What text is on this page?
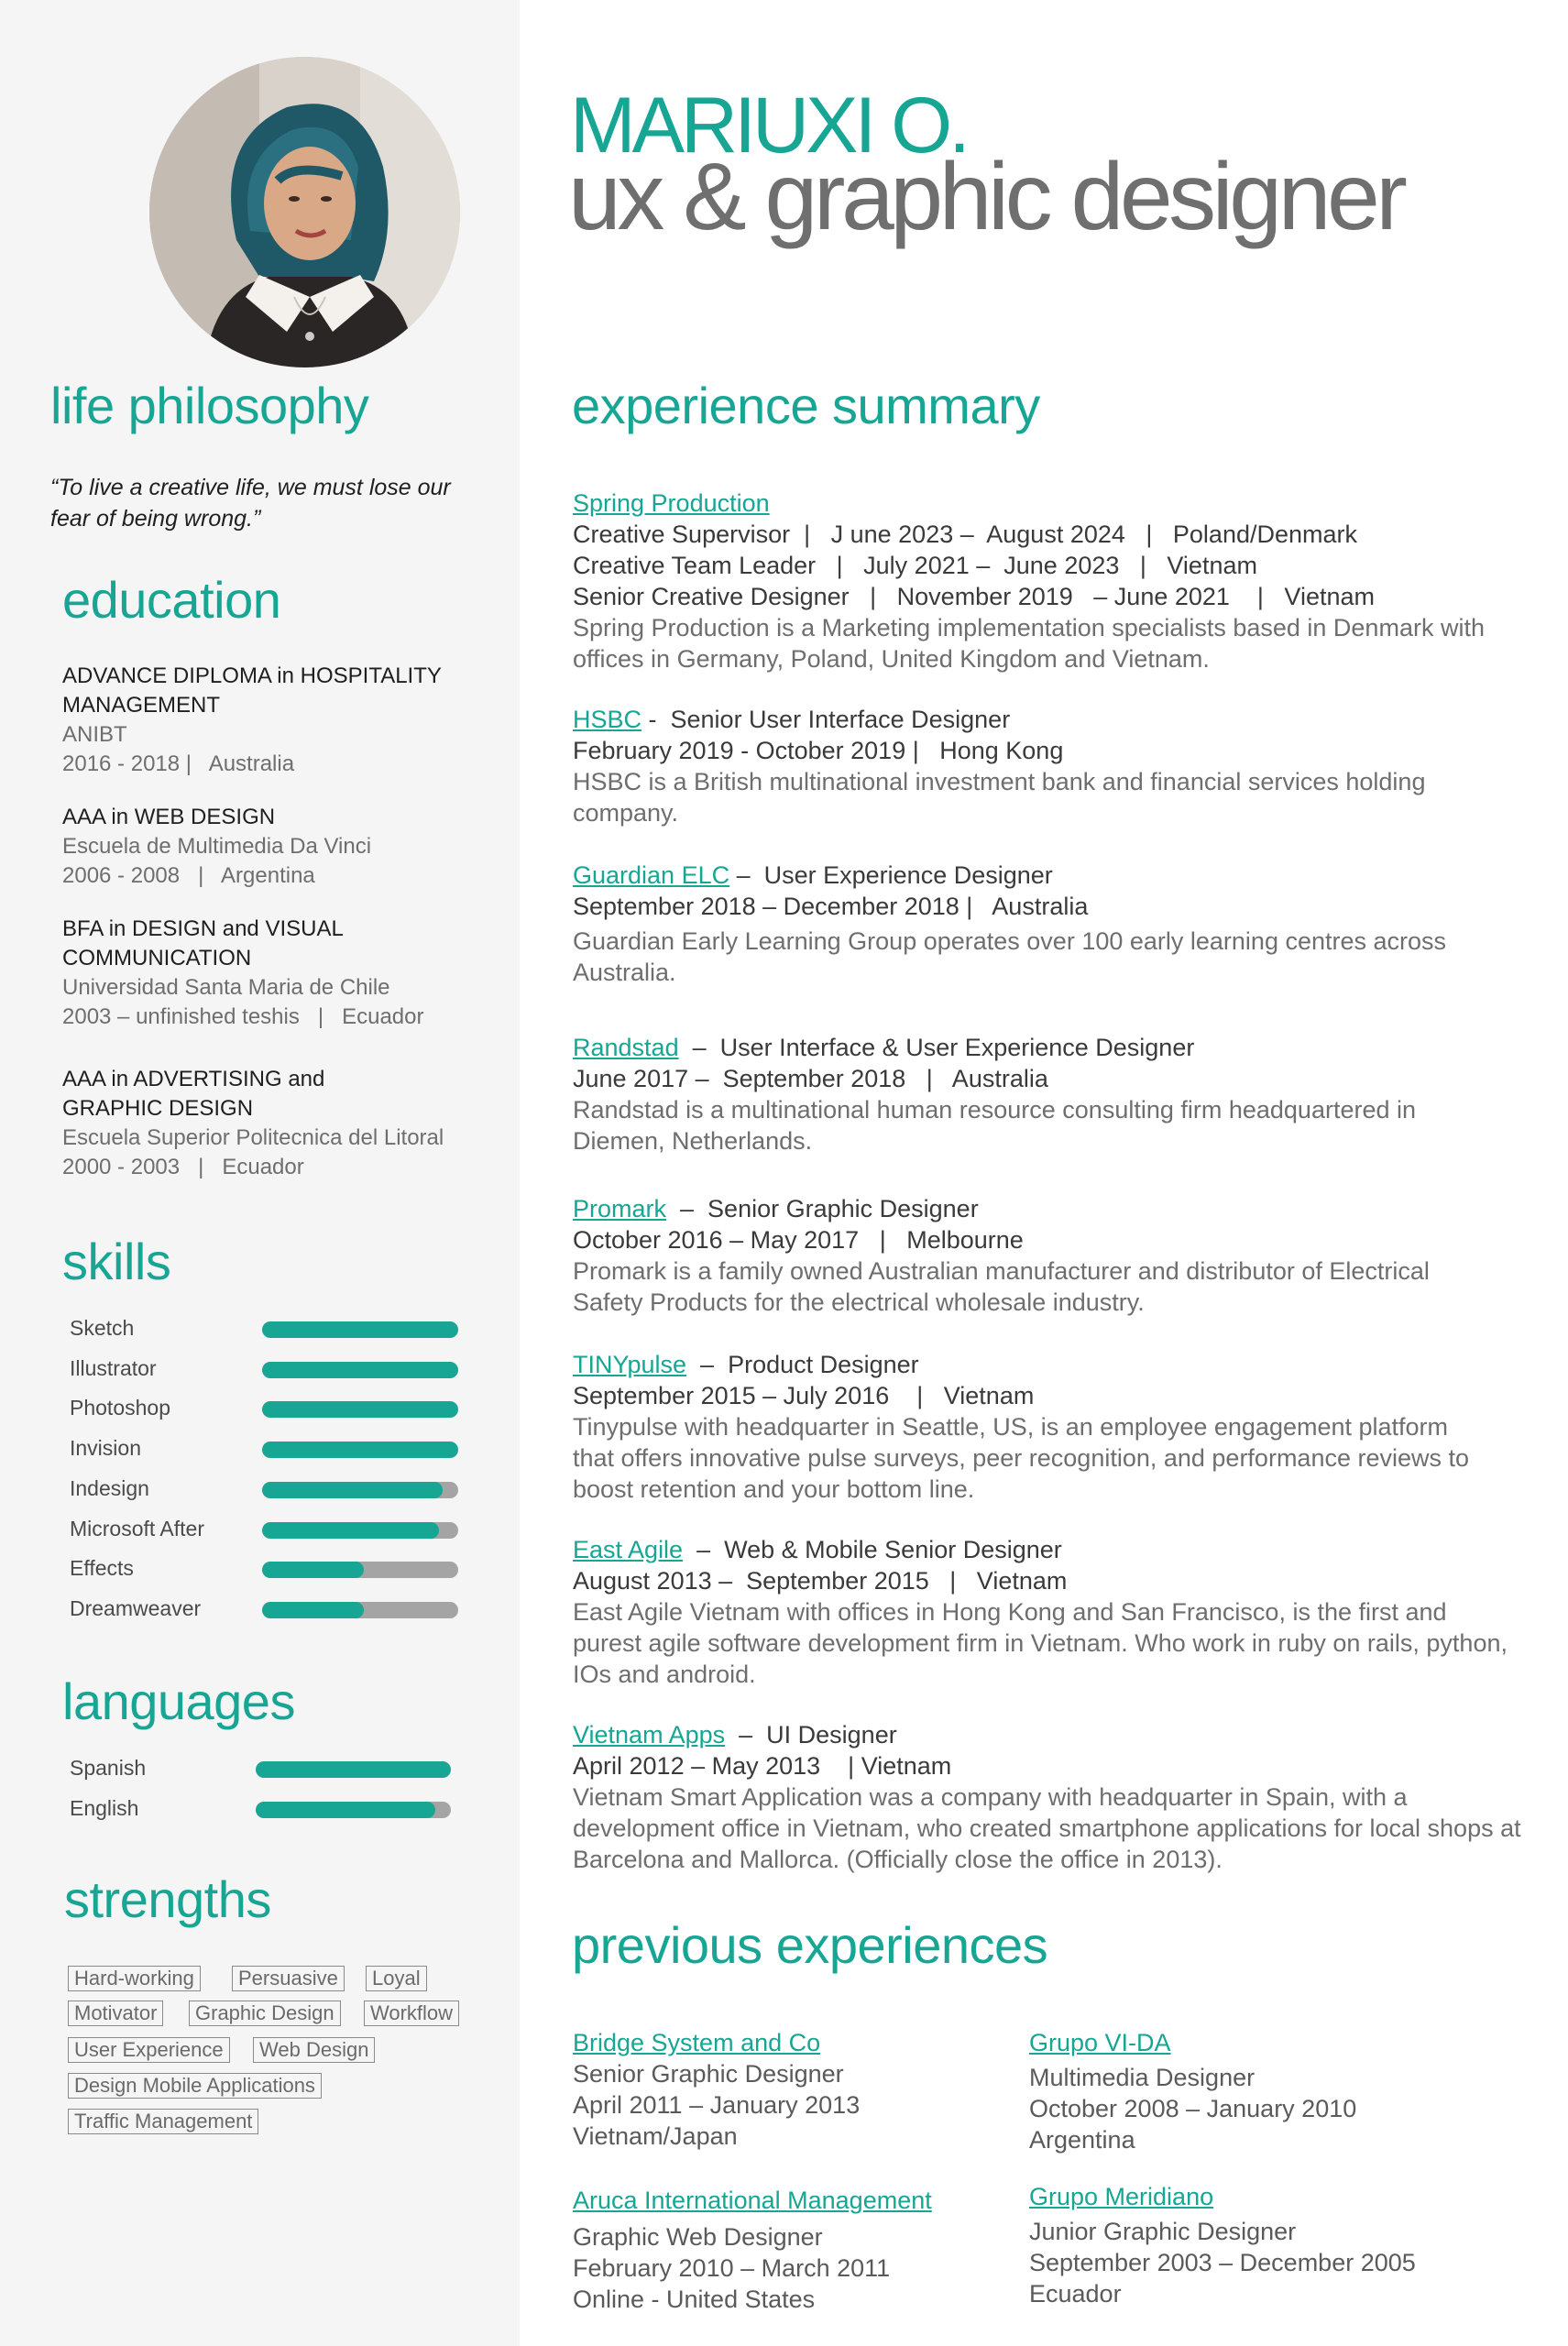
MARIUXI O.
ux & graphic designer
life philosophy
“To live a creative life, we must lose our fear of being wrong.”
education
ADVANCE DIPLOMA in HOSPITALITY MANAGEMENT
ANIBT
2016 - 2018 |   Australia
AAA in WEB DESIGN
Escuela de Multimedia Da Vinci
2006 - 2008   |   Argentina
BFA in DESIGN and VISUAL COMMUNICATION
Universidad Santa Maria de Chile
2003 – unfinished teshis   |   Ecuador
AAA in ADVERTISING and GRAPHIC DESIGN
Escuela Superior Politecnica del Litoral
2000 - 2003   |   Ecuador
skills
Sketch
Illustrator
Photoshop
Invision
Indesign
Microsoft After
Effects
Dreamweaver
languages
Spanish
English
strengths
Hard-working	Persuasive	Loyal
Motivator	Graphic Design	Workflow
User Experience	Web Design
Design Mobile Applications
Traffic Management
experience summary
Spring Production
Creative Supervisor  |   J une 2023 –  August 2024   |   Poland/Denmark
Creative Team Leader   |   July 2021 –  June 2023   |   Vietnam
Senior Creative Designer   |   November 2019   – June 2021    |   Vietnam
Spring Production is a Marketing implementation specialists based in Denmark with offices in Germany, Poland, United Kingdom and Vietnam.
HSBC -  Senior User Interface Designer
February 2019 - October 2019 |   Hong Kong
HSBC is a British multinational investment bank and financial services holding company.
Guardian ELC –  User Experience Designer
September 2018 – December 2018 |   Australia
Guardian Early Learning Group operates over 100 early learning centres across Australia.
Randstad  –  User Interface & User Experience Designer
June 2017 –  September 2018   |   Australia
Randstad is a multinational human resource consulting firm headquartered in Diemen, Netherlands.
Promark  –  Senior Graphic Designer
October 2016 – May 2017   |   Melbourne
Promark is a family owned Australian manufacturer and distributor of Electrical Safety Products for the electrical wholesale industry.
TINYpulse  –  Product Designer
September 2015 – July 2016    |   Vietnam
Tinypulse with headquarter in Seattle, US, is an employee engagement platform that offers innovative pulse surveys, peer recognition, and performance reviews to boost retention and your bottom line.
East Agile  –  Web & Mobile Senior Designer
August 2013 –  September 2015   |   Vietnam
East Agile Vietnam with offices in Hong Kong and San Francisco, is the first and purest agile software development firm in Vietnam. Who work in ruby on rails, python, IOs and android.
Vietnam Apps  –  UI Designer
April 2012 – May 2013    | Vietnam
Vietnam Smart Application was a company with headquarter in Spain, with a development office in Vietnam, who created smartphone applications for local shops at Barcelona and Mallorca. (Officially close the office in 2013).
previous experiences
Bridge System and Co
Senior Graphic Designer
April 2011 – January 2013
Vietnam/Japan
Grupo VI-DA
Multimedia Designer
October 2008 – January 2010
Argentina
Aruca International Management
Graphic Web Designer
February 2010 – March 2011
Online - United States
Grupo Meridiano
Junior Graphic Designer
September 2003 – December 2005
Ecuador
